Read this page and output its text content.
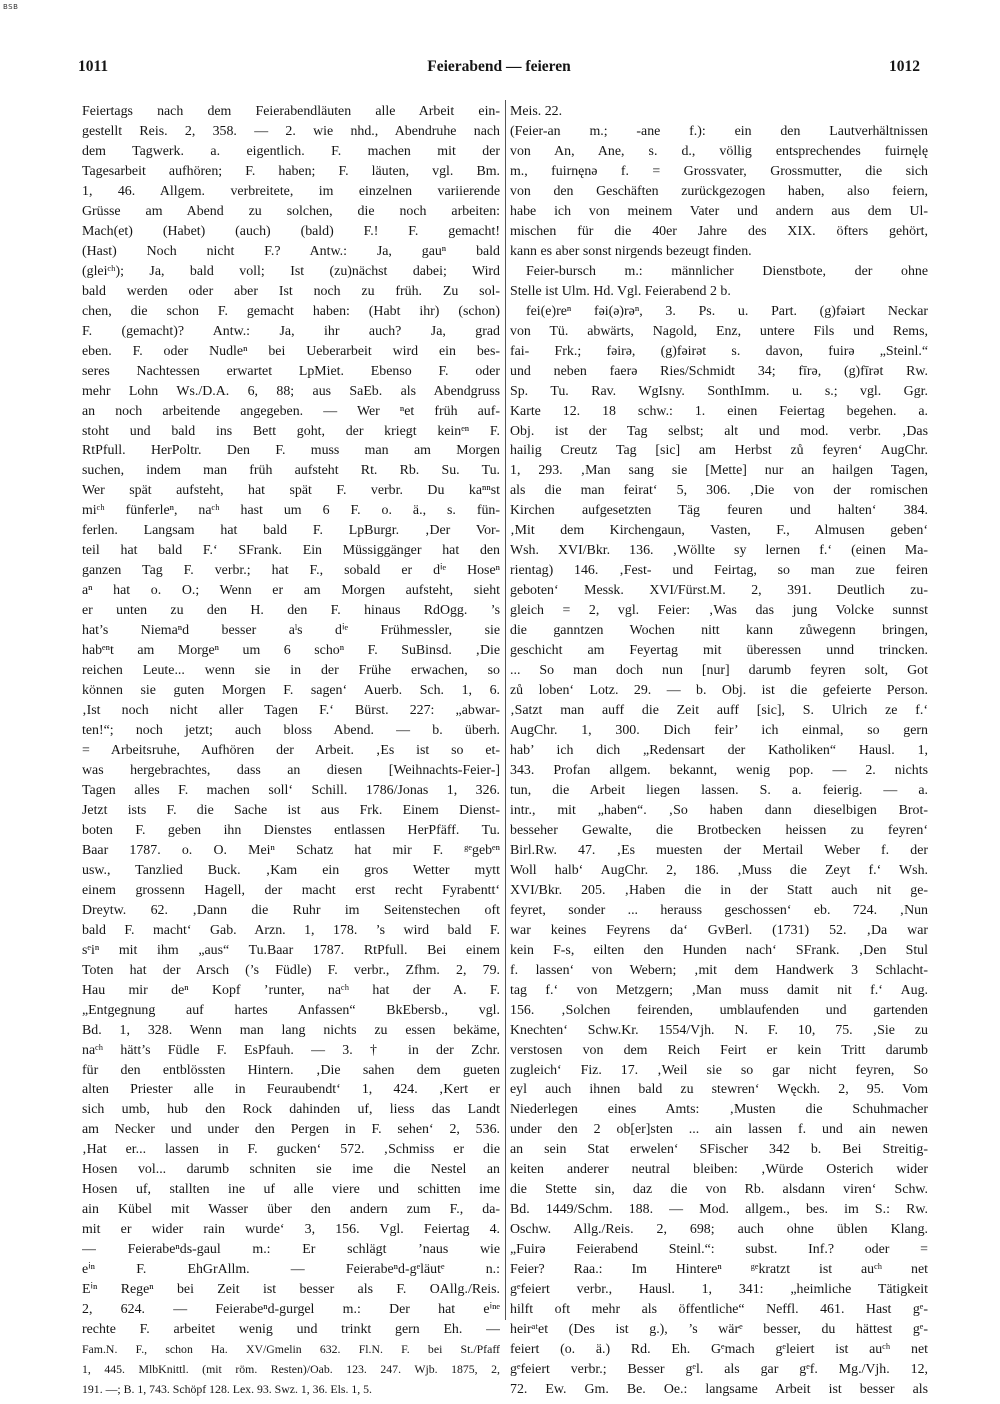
BSB
1011	Feierabend — feieren	1012
Feiertags nach dem Feierabendläuten alle Arbeit ein-
gestellt Reis. 2, 358. — 2. wie nhd., Abendruhe nach
dem Tagwerk. a. eigentlich. F. machen mit der
Tagesarbeit aufhören; F. haben; F. läuten, vgl. Bm.
1, 46. Allgem. verbreitete, im einzelnen variierende
Grüsse am Abend zu solchen, die noch arbeiten:
Mach(et) (Habet) (auch) (bald) F.! F. gemacht!
(Hast) Noch nicht F.? Antw.: Ja, gauⁿ bald
(gleiᶜʰ); Ja, bald voll; Ist (zu)nächst dabei; Wird
bald werden oder aber Ist noch zu früh. Zu sol-
chen, die schon F. gemacht haben: (Habt ihr) (schon)
F. (gemacht)? Antw.: Ja, ihr auch? Ja, grad
eben. F. oder Nudleⁿ bei Ueberarbeit wird ein bes-
seres Nachtessen erwartet LpMiet. Ebenso F. oder
mehr Lohn Ws./D.A. 6, 88; aus SaEb. als Abendgruss
an noch arbeitende angegeben. — Wer ⁿet früh auf-
stoht und bald ins Bett goht, der kriegt keinᵉⁿ F.
RtPfull. HerPoltr. Den F. muss man am Morgen
suchen, indem man früh aufsteht Rt. Rb. Su. Tu.
Wer spät aufsteht, hat spät F. verbr. Du kaⁿⁿst
miᶜʰ fünferleⁿ, naᶜʰ hast um 6 F. o. ä., s. fün-
ferlen. Langsam hat bald F. LpBurgr. ‚Der Vor-
teil hat bald F.‘ SFrank. Ein Müssiggänger hat den
ganzen Tag F. verbr.; hat F., sobald er dⁱᵉ Hoseⁿ
aⁿ hat o. O.; Wenn er am Morgen aufsteht, sieht
er unten zu den H. den F. hinaus RdOgg. ’s
hat’s Niemaⁿd besser aˡs dⁱᵉ Frühmessler, sie
habᵉⁿt am Morgeⁿ um 6 schoⁿ F. SuBinsd. ‚Die
reichen Leute... wenn sie in der Frühe erwachen, so
können sie guten Morgen F. sagen‘ Auerb. Sch. 1, 6.
‚Ist noch nicht aller Tagen F.‘ Bürst. 227: „abwar-
ten!“; noch jetzt; auch bloss Abend. — b. überh.
= Arbeitsruhe, Aufhören der Arbeit. ‚Es ist so et-
was hergebrachtes, dass an diesen [Weihnachts-Feier-]
Tagen alles F. machen soll‘ Schill. 1786/Jonas 1, 326.
Jetzt ists F. die Sache ist aus Frk. Einem Dienst-
boten F. geben ihn Dienstes entlassen HerPfäff. Tu.
Baar 1787. o. O. Meiⁿ Schatz hat mir F. ᵍᵉgebᵉⁿ
usw., Tanzlied Buck. ‚Kam ein gros Wetter mytt
einem grossenn Hagell, der macht erst recht Fyrabentt‘
Dreytw. 62. ‚Dann die Ruhr im Seitenstechen oft
bald F. macht‘ Gab. Arzn. 1, 178. ’s wird bald F.
sᵉiⁿ mit ihm „aus“ Tu.Baar 1787. RtPfull. Bei einem
Toten hat der Arsch (’s Füdle) F. verbr., Zfhm. 2, 79.
Hau mir deⁿ Kopf ’runter, naᶜʰ hat der A. F.
„Entgegnung auf hartes Anfassen“ BkEbersb., vgl.
Bd. 1, 328. Wenn man lang nichts zu essen bekäme,
naᶜʰ hätt’s Füdle F. EsPfauh. — 3. † in der Zchr.
für den entblössten Hintern. ‚Die sahen dem gueten
alten Priester alle in Feuraubendt‘ 1, 424. ‚Kert er
sich umb, hub den Rock dahinden uf, liess das Landt
am Necker und under den Pergen in F. sehen‘ 2, 536.
‚Hat er... lassen in F. gucken‘ 572. ‚Schmiss er die
Hosen vol... darumb schniten sie ime die Nestel an
Hosen uf, stallten ine uf alle viere und schitten ime
ain Kübel mit Wasser über den andern zum F., da-
mit er wider rain wurde‘ 3, 156. Vgl. Feiertag 4.
— Feierabeⁿds-gaul m.: Er schlägt ’naus wie
eⁱⁿ F. EhGrAllm. — Feierabeⁿd-gᵉläutᵉ n.:
Eⁱⁿ Regeⁿ bei Zeit ist besser als F. OAllg./Reis.
2, 624. — Feierabeⁿd-gurgel m.: Der hat eⁱⁿᵉ
rechte F. arbeitet wenig und trinkt gern Eh. —
Fam.N. F., schon Ha. XV/Gmelin 632. Fl.N. F. bei St./Pfaff
1, 445. MlbKnittl. (mit röm. Resten)/Oab. 123. 247. Wjb. 1875, 2,
191. —; B. 1, 743. Schöpf 128. Lex. 93. Swz. 1, 36. Els. 1, 5.
Meis. 22.
(Feier-an m.; -ane f.): ein den Lautverhältnissen
von An, Ane, s. d., völlig entsprechendes fuirnęlę
m., fuirnęnə f. = Grossvater, Grossmutter, die sich
von den Geschäften zurückgezogen haben, also feiern,
habe ich von meinem Vater und andern aus dem Ul-
mischen für die 40er Jahre des XIX. öfters gehört,
kann es aber sonst nirgends bezeugt finden.
Feier-bursch m.: männlicher Dienstbote, der ohne
Stelle ist Ulm. Hd. Vgl. Feierabend 2 b.
fei(e)reⁿ fəi(ə)rəⁿ, 3. Ps. u. Part. (g)fəiərt Neckar
von Tü. abwärts, Nagold, Enz, untere Fils und Rems,
fai- Frk.; fəirə, (g)fəirət s. davon, fuirə „Steinl.“
und neben faerə Ries/Schmidt 34; fīrə, (g)fīrət Rw.
Sp. Tu. Rav. WgIsny. SonthImm. u. s.; vgl. Ggr.
Karte 12. 18 schw.: 1. einen Feiertag begehen. a.
Obj. ist der Tag selbst; alt und mod. verbr. ‚Das
hailig Creutz Tag [sic] am Herbst zů feyren‘ AugChr.
1, 293. ‚Man sang sie [Mette] nur an hailgen Tagen,
als die man feirat‘ 5, 306. ‚Die von der romischen
Kirchen aufgesetzten Täg feuren und halten‘ 384.
‚Mit dem Kirchengaun, Vasten, F., Almusen geben‘
Wsh. XVI/Bkr. 136. ‚Wöllte sy lernen f.‘ (einen Ma-
rientag) 146. ‚Fest- und Feirtag, so man zue feiren
geboten‘ Messk. XVI/Fürst.M. 2, 391. Deutlich zu-
gleich = 2, vgl. Feier: ‚Was das jung Volcke sunnst
die ganntzen Wochen nitt kann zůwegenn bringen,
geschicht am Feyertag mit überessen unnd trincken.
... So man doch nun [nur] darumb feyren solt, Got
zů loben‘ Lotz. 29. — b. Obj. ist die gefeierte Person.
‚Satzt man auff die Zeit auff [sic], S. Ulrich ze f.‘
AugChr. 1, 300. Dich feir’ ich einmal, so gern
hab’ ich dich „Redensart der Katholiken“ Hausl. 1,
343. Profan allgem. bekannt, wenig pop. — 2. nichts
tun, die Arbeit liegen lassen. S. a. feierig. — a.
intr., mit „haben“. ‚So haben dann dieselbigen Brot-
besseher Gewalte, die Brotbecken heissen zu feyren‘
Birl.Rw. 47. ‚Es muesten der Mertail Weber f. der
Woll halb‘ AugChr. 2, 186. ‚Muss die Zeyt f.‘ Wsh.
XVI/Bkr. 205. ‚Haben die in der Statt auch nit ge-
feyret, sonder ... herauss geschossen‘ eb. 724. ‚Nun
war keines Feyrens da‘ GvBerl. (1731) 52. ‚Da war
kein F-s, eilten den Hunden nach‘ SFrank. ‚Den Stul
f. lassen‘ von Webern; ‚mit dem Handwerk 3 Schlacht-
tag f.‘ von Metzgern; ‚Man muss damit nit f.‘ Aug.
156. ‚Solchen feirenden, umblaufenden und gartenden
Knechten‘ Schw.Kr. 1554/Vjh. N. F. 10, 75. ‚Sie zu
verstosen von dem Reich Feirt er kein Tritt darumb
zugleich‘ Fiz. 17. ‚Weil sie so gar nicht feyren, So
eyl auch ihnen bald zu stewren‘ Węckh. 2, 95. Vom
Niederlegen eines Amts: ‚Musten die Schuhmacher
under den 2 ob[er]sten ... ain lassen f. und ain newen
an sein Stat erwelen‘ SFischer 342 b. Bei Streitig-
keiten anderer neutral bleiben: ‚Würde Osterich wider
die Stette sin, daz die von Rb. alsdann viren‘ Schw.
Bd. 1449/Schm. 188. — Mod. allgem., bes. im S.: Rw.
Oschw. Allg./Reis. 2, 698; auch ohne üblen Klang.
„Fuirə Feierabend Steinl.“: subst. Inf.? oder =
Feier? Raa.: Im Hintereⁿ ᵍᵉkratzt ist auᶜʰ net
gᵉfeiert verbr., Hausl. 1, 341: „heimliche Tätigkeit
hilft oft mehr als öffentliche“ Neffl. 461. Hast gᵉ-
heirᵃᵗet (Des ist g.), ’s wärᵉ besser, du hättest gᵉ-
feiert (o. ä.) Rd. Eh. Gᵉmach gᵉleiert ist auᶜʰ net
gᵉfeiert verbr.; Besser gᵉl. als gar gᵉf. Mg./Vjh. 12,
72. Ew. Gm. Be. Oe.: langsame Arbeit ist besser als
